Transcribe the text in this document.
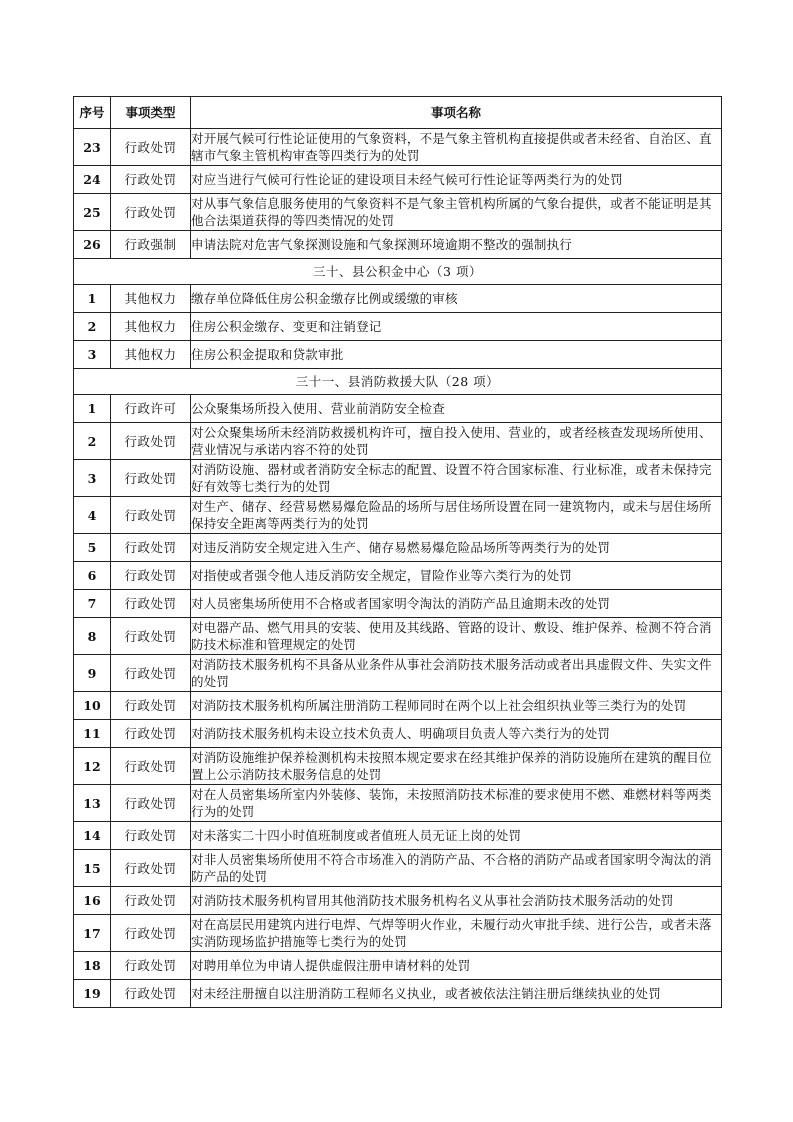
序号	事项类型	事项名称
23	行政处罚	对开展气候可行性论证使用的气象资料，不是气象主管机构直接提供或者未经省、自治区、直辖市气象主管机构审查等四类行为的处罚
24	行政处罚	对应当进行气候可行性论证的建设项目未经气候可行性论证等两类行为的处罚
25	行政处罚	对从事气象信息服务使用的气象资料不是气象主管机构所属的气象台提供，或者不能证明是其他合法渠道获得的等四类情况的处罚
26	行政强制	申请法院对危害气象探测设施和气象探测环境逾期不整改的强制执行
三十、县公积金中心（3 项）		
1	其他权力	缴存单位降低住房公积金缴存比例或缓缴的审核
2	其他权力	住房公积金缴存、变更和注销登记
3	其他权力	住房公积金提取和贷款审批
三十一、县消防救援大队（28 项）		
1	行政许可	公众聚集场所投入使用、营业前消防安全检查
2	行政处罚	对公众聚集场所未经消防救援机构许可，擅自投入使用、营业的，或者经核查发现场所使用、营业情况与承诺内容不符的处罚
3	行政处罚	对消防设施、器材或者消防安全标志的配置、设置不符合国家标准、行业标准，或者未保持完好有效等七类行为的处罚
4	行政处罚	对生产、储存、经营易燃易爆危险品的场所与居住场所设置在同一建筑物内，或未与居住场所保持安全距离等两类行为的处罚
5	行政处罚	对违反消防安全规定进入生产、储存易燃易爆危险品场所等两类行为的处罚
6	行政处罚	对指使或者强令他人违反消防安全规定，冒险作业等六类行为的处罚
7	行政处罚	对人员密集场所使用不合格或者国家明令淘汰的消防产品且逾期未改的处罚
8	行政处罚	对电器产品、燃气用具的安装、使用及其线路、管路的设计、敷设、维护保养、检测不符合消防技术标准和管理规定的处罚
9	行政处罚	对消防技术服务机构不具备从业条件从事社会消防技术服务活动或者出具虚假文件、失实文件的处罚
10	行政处罚	对消防技术服务机构所属注册消防工程师同时在两个以上社会组织执业等三类行为的处罚
11	行政处罚	对消防技术服务机构未设立技术负责人、明确项目负责人等六类行为的处罚
12	行政处罚	对消防设施维护保养检测机构未按照本规定要求在经其维护保养的消防设施所在建筑的醒目位置上公示消防技术服务信息的处罚
13	行政处罚	对在人员密集场所室内外装修、装饰，未按照消防技术标准的要求使用不燃、难燃材料等两类行为的处罚
14	行政处罚	对未落实二十四小时值班制度或者值班人员无证上岗的处罚
15	行政处罚	对非人员密集场所使用不符合市场准入的消防产品、不合格的消防产品或者国家明令淘汰的消防产品的处罚
16	行政处罚	对消防技术服务机构冒用其他消防技术服务机构名义从事社会消防技术服务活动的处罚
17	行政处罚	对在高层民用建筑内进行电焊、气焊等明火作业，未履行动火审批手续、进行公告，或者未落实消防现场监护措施等七类行为的处罚
18	行政处罚	对聘用单位为申请人提供虚假注册申请材料的处罚
19	行政处罚	对未经注册擅自以注册消防工程师名义执业，或者被依法注销注册后继续执业的处罚
